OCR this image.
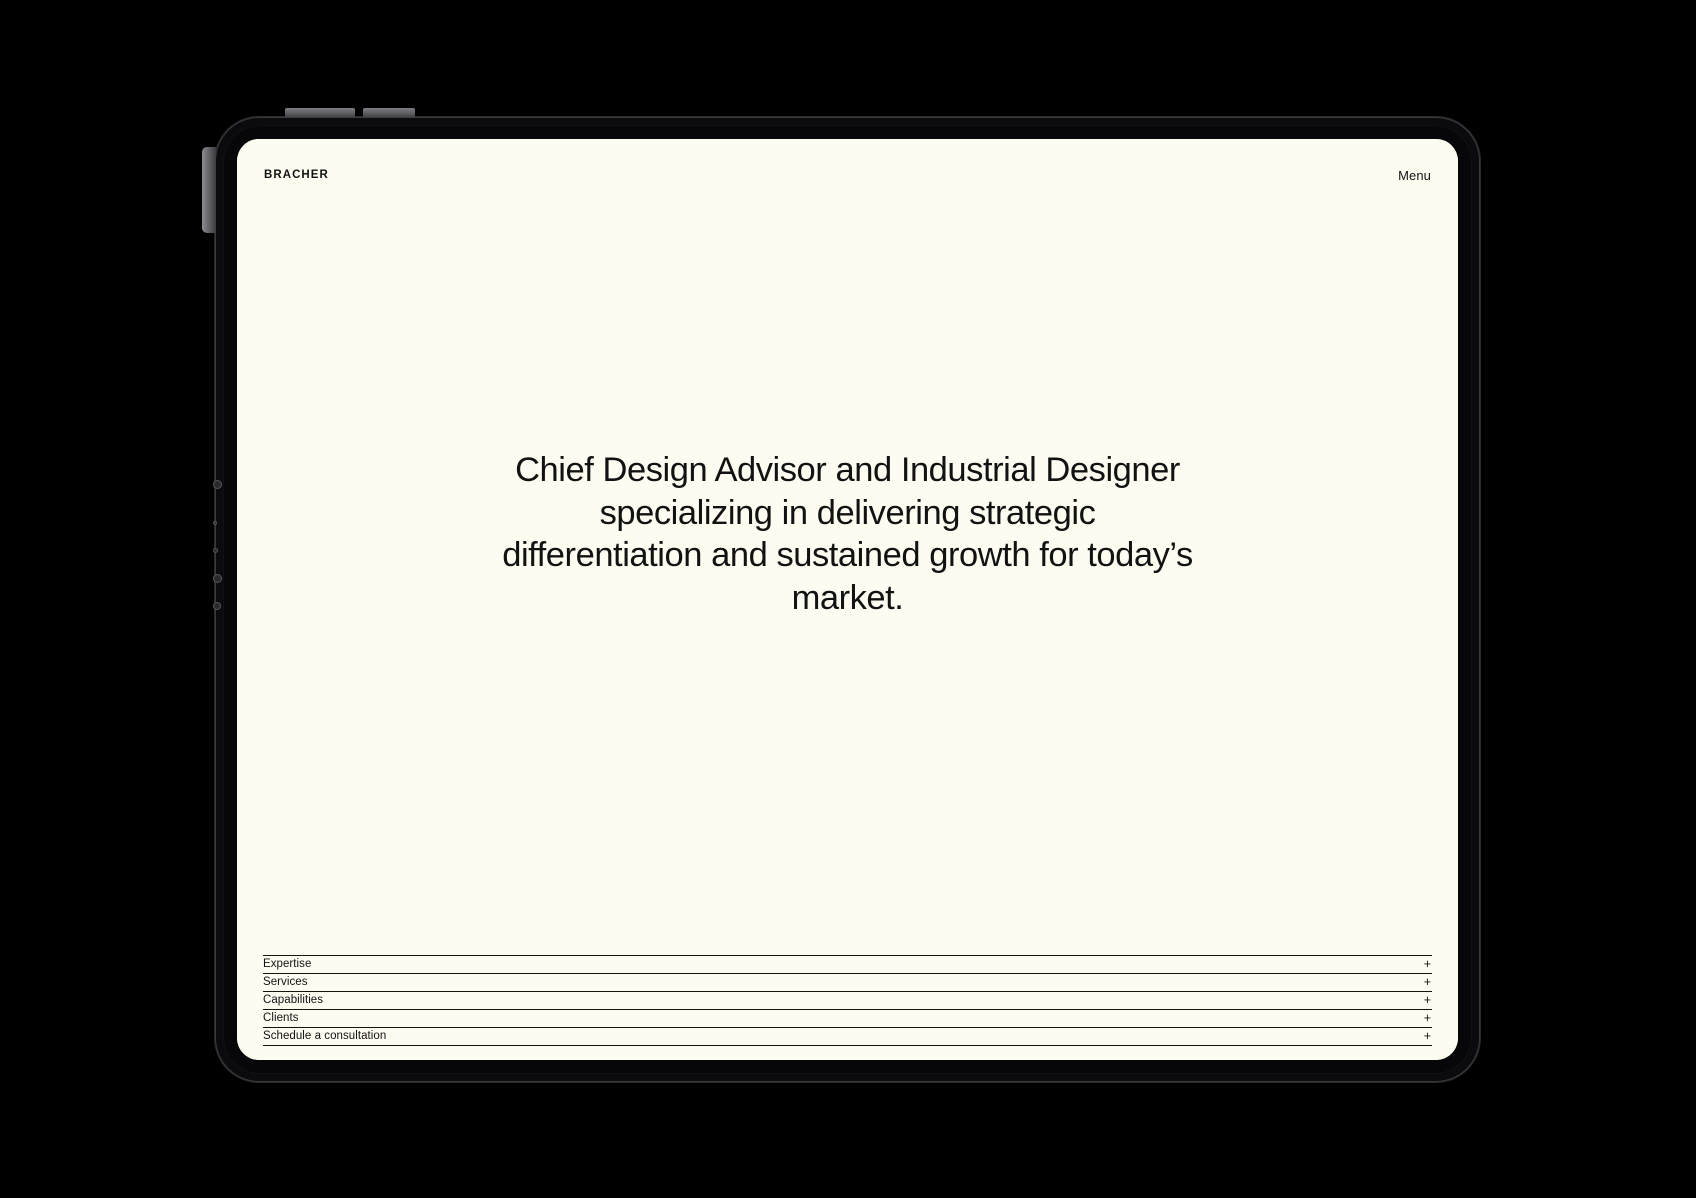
BRACHER	Menu
Chief Design Advisor and Industrial Designer specializing in delivering strategic differentiation and sustained growth for today’s market.
Expertise	+
Services	+
Capabilities	+
Clients	+
Schedule a consultation	+
